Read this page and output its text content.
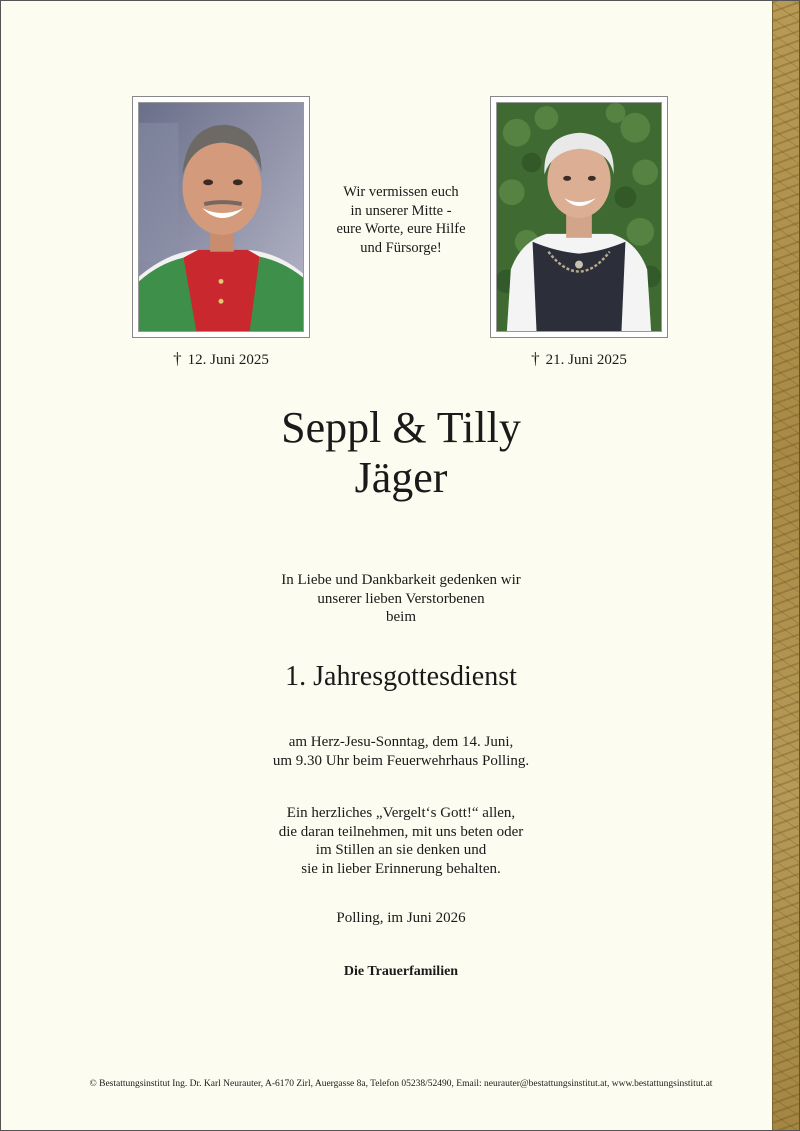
Wir vermissen euch
in unserer Mitte -
eure Worte, eure Hilfe
und Fürsorge!
† 12. Juni 2025	† 21. Juni 2025
Seppl & Tilly
Jäger
In Liebe und Dankbarkeit gedenken wir
unserer lieben Verstorbenen
beim
1. Jahresgottesdienst
am Herz-Jesu-Sonntag, dem 14. Juni,
um 9.30 Uhr beim Feuerwehrhaus Polling.
Ein herzliches „Vergelt‘s Gott!“ allen,
die daran teilnehmen, mit uns beten oder
im Stillen an sie denken und
sie in lieber Erinnerung behalten.
Polling, im Juni 2026
Die Trauerfamilien
© Bestattungsinstitut Ing. Dr. Karl Neurauter, A-6170 Zirl, Auergasse 8a, Telefon 05238/52490, Email: neurauter@bestattungsinstitut.at, www.bestattungsinstitut.at
